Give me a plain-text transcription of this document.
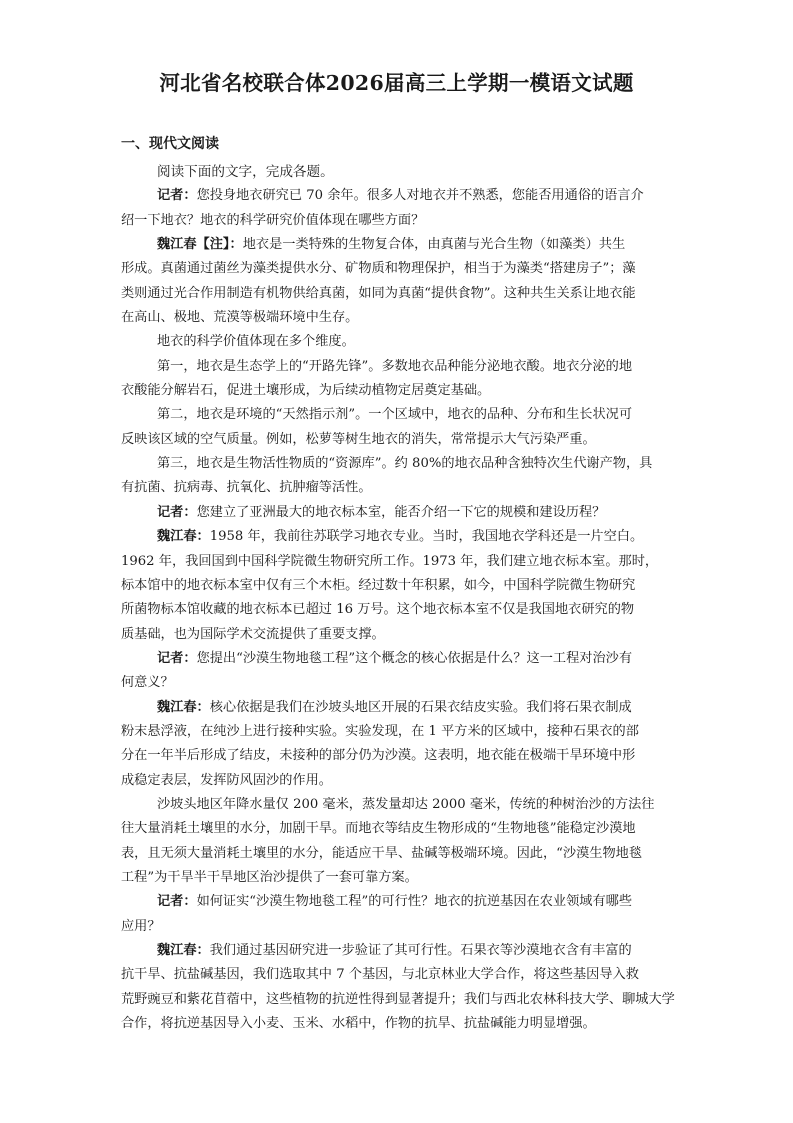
河北省名校联合体2026届高三上学期一模语文试题
一、现代文阅读
阅读下面的文字，完成各题。
记者：您投身地衣研究已 70 余年。很多人对地衣并不熟悉，您能否用通俗的语言介
绍一下地衣？地衣的科学研究价值体现在哪些方面？
魏江春【注】：地衣是一类特殊的生物复合体，由真菌与光合生物（如藻类）共生
形成。真菌通过菌丝为藻类提供水分、矿物质和物理保护，相当于为藻类“搭建房子”；藻
类则通过光合作用制造有机物供给真菌，如同为真菌“提供食物”。这种共生关系让地衣能
在高山、极地、荒漠等极端环境中生存。
地衣的科学价值体现在多个维度。
第一，地衣是生态学上的“开路先锋”。多数地衣品种能分泌地衣酸。地衣分泌的地
衣酸能分解岩石，促进土壤形成，为后续动植物定居奠定基础。
第二，地衣是环境的“天然指示剂”。一个区域中，地衣的品种、分布和生长状况可
反映该区域的空气质量。例如，松萝等树生地衣的消失，常常提示大气污染严重。
第三，地衣是生物活性物质的“资源库”。约 80%的地衣品种含独特次生代谢产物，具
有抗菌、抗病毒、抗氧化、抗肿瘤等活性。
记者：您建立了亚洲最大的地衣标本室，能否介绍一下它的规模和建设历程？
魏江春：1958 年，我前往苏联学习地衣专业。当时，我国地衣学科还是一片空白。
1962 年，我回国到中国科学院微生物研究所工作。1973 年，我们建立地衣标本室。那时，
标本馆中的地衣标本室中仅有三个木柜。经过数十年积累，如今，中国科学院微生物研究
所菌物标本馆收藏的地衣标本已超过 16 万号。这个地衣标本室不仅是我国地衣研究的物
质基础，也为国际学术交流提供了重要支撑。
记者：您提出“沙漠生物地毯工程”这个概念的核心依据是什么？这一工程对治沙有
何意义？
魏江春：核心依据是我们在沙坡头地区开展的石果衣结皮实验。我们将石果衣制成
粉末悬浮液，在纯沙上进行接种实验。实验发现，在 1 平方米的区域中，接种石果衣的部
分在一年半后形成了结皮，未接种的部分仍为沙漠。这表明，地衣能在极端干旱环境中形
成稳定表层，发挥防风固沙的作用。
沙坡头地区年降水量仅 200 毫米，蒸发量却达 2000 毫米，传统的种树治沙的方法往
往大量消耗土壤里的水分，加剧干旱。而地衣等结皮生物形成的“生物地毯”能稳定沙漠地
表，且无须大量消耗土壤里的水分，能适应干旱、盐碱等极端环境。因此，“沙漠生物地毯
工程”为干旱半干旱地区治沙提供了一套可靠方案。
记者：如何证实“沙漠生物地毯工程”的可行性？地衣的抗逆基因在农业领域有哪些
应用？
魏江春：我们通过基因研究进一步验证了其可行性。石果衣等沙漠地衣含有丰富的
抗干旱、抗盐碱基因，我们选取其中 7 个基因，与北京林业大学合作，将这些基因导入救
荒野豌豆和紫花苜蓿中，这些植物的抗逆性得到显著提升；我们与西北农林科技大学、聊城大学
合作，将抗逆基因导入小麦、玉米、水稻中，作物的抗旱、抗盐碱能力明显增强。
